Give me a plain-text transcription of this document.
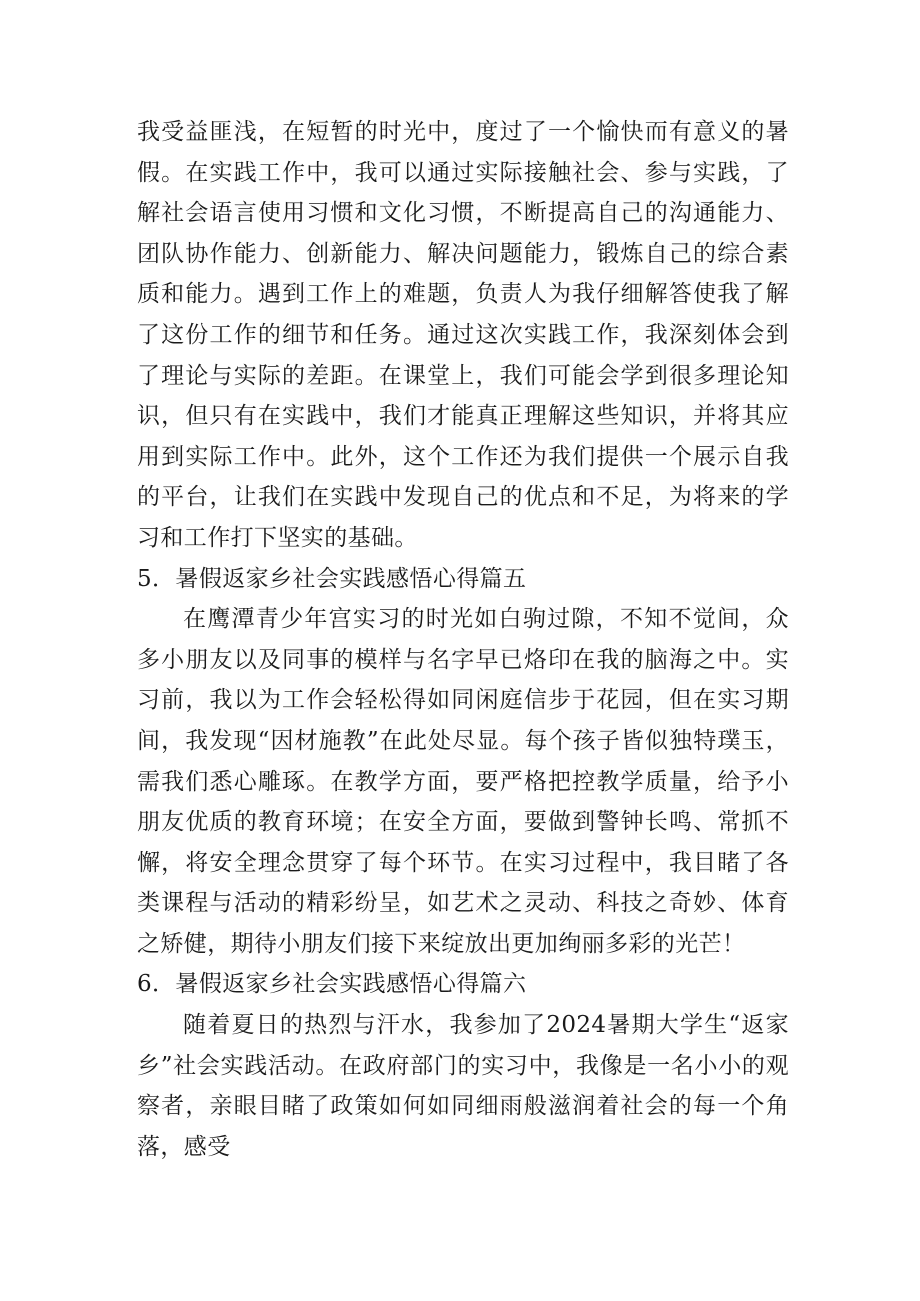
我受益匪浅，在短暂的时光中，度过了一个愉快而有意义的暑假。在实践工作中，我可以通过实际接触社会、参与实践，了解社会语言使用习惯和文化习惯，不断提高自己的沟通能力、团队协作能力、创新能力、解决问题能力，锻炼自己的综合素质和能力。遇到工作上的难题，负责人为我仔细解答使我了解了这份工作的细节和任务。通过这次实践工作，我深刻体会到了理论与实际的差距。在课堂上，我们可能会学到很多理论知识，但只有在实践中，我们才能真正理解这些知识，并将其应用到实际工作中。此外，这个工作还为我们提供一个展示自我的平台，让我们在实践中发现自己的优点和不足，为将来的学习和工作打下坚实的基础。

5．暑假返家乡社会实践感悟心得篇五

在鹰潭青少年宫实习的时光如白驹过隙，不知不觉间，众多小朋友以及同事的模样与名字早已烙印在我的脑海之中。实习前，我以为工作会轻松得如同闲庭信步于花园，但在实习期间，我发现“因材施教”在此处尽显。每个孩子皆似独特璞玉，需我们悉心雕琢。在教学方面，要严格把控教学质量，给予小朋友优质的教育环境；在安全方面，要做到警钟长鸣、常抓不懈，将安全理念贯穿了每个环节。在实习过程中，我目睹了各类课程与活动的精彩纷呈，如艺术之灵动、科技之奇妙、体育之矫健，期待小朋友们接下来绽放出更加绚丽多彩的光芒！

6．暑假返家乡社会实践感悟心得篇六

随着夏日的热烈与汗水，我参加了2024暑期大学生“返家乡”社会实践活动。在政府部门的实习中，我像是一名小小的观察者，亲眼目睹了政策如何如同细雨般滋润着社会的每一个角落，感受
